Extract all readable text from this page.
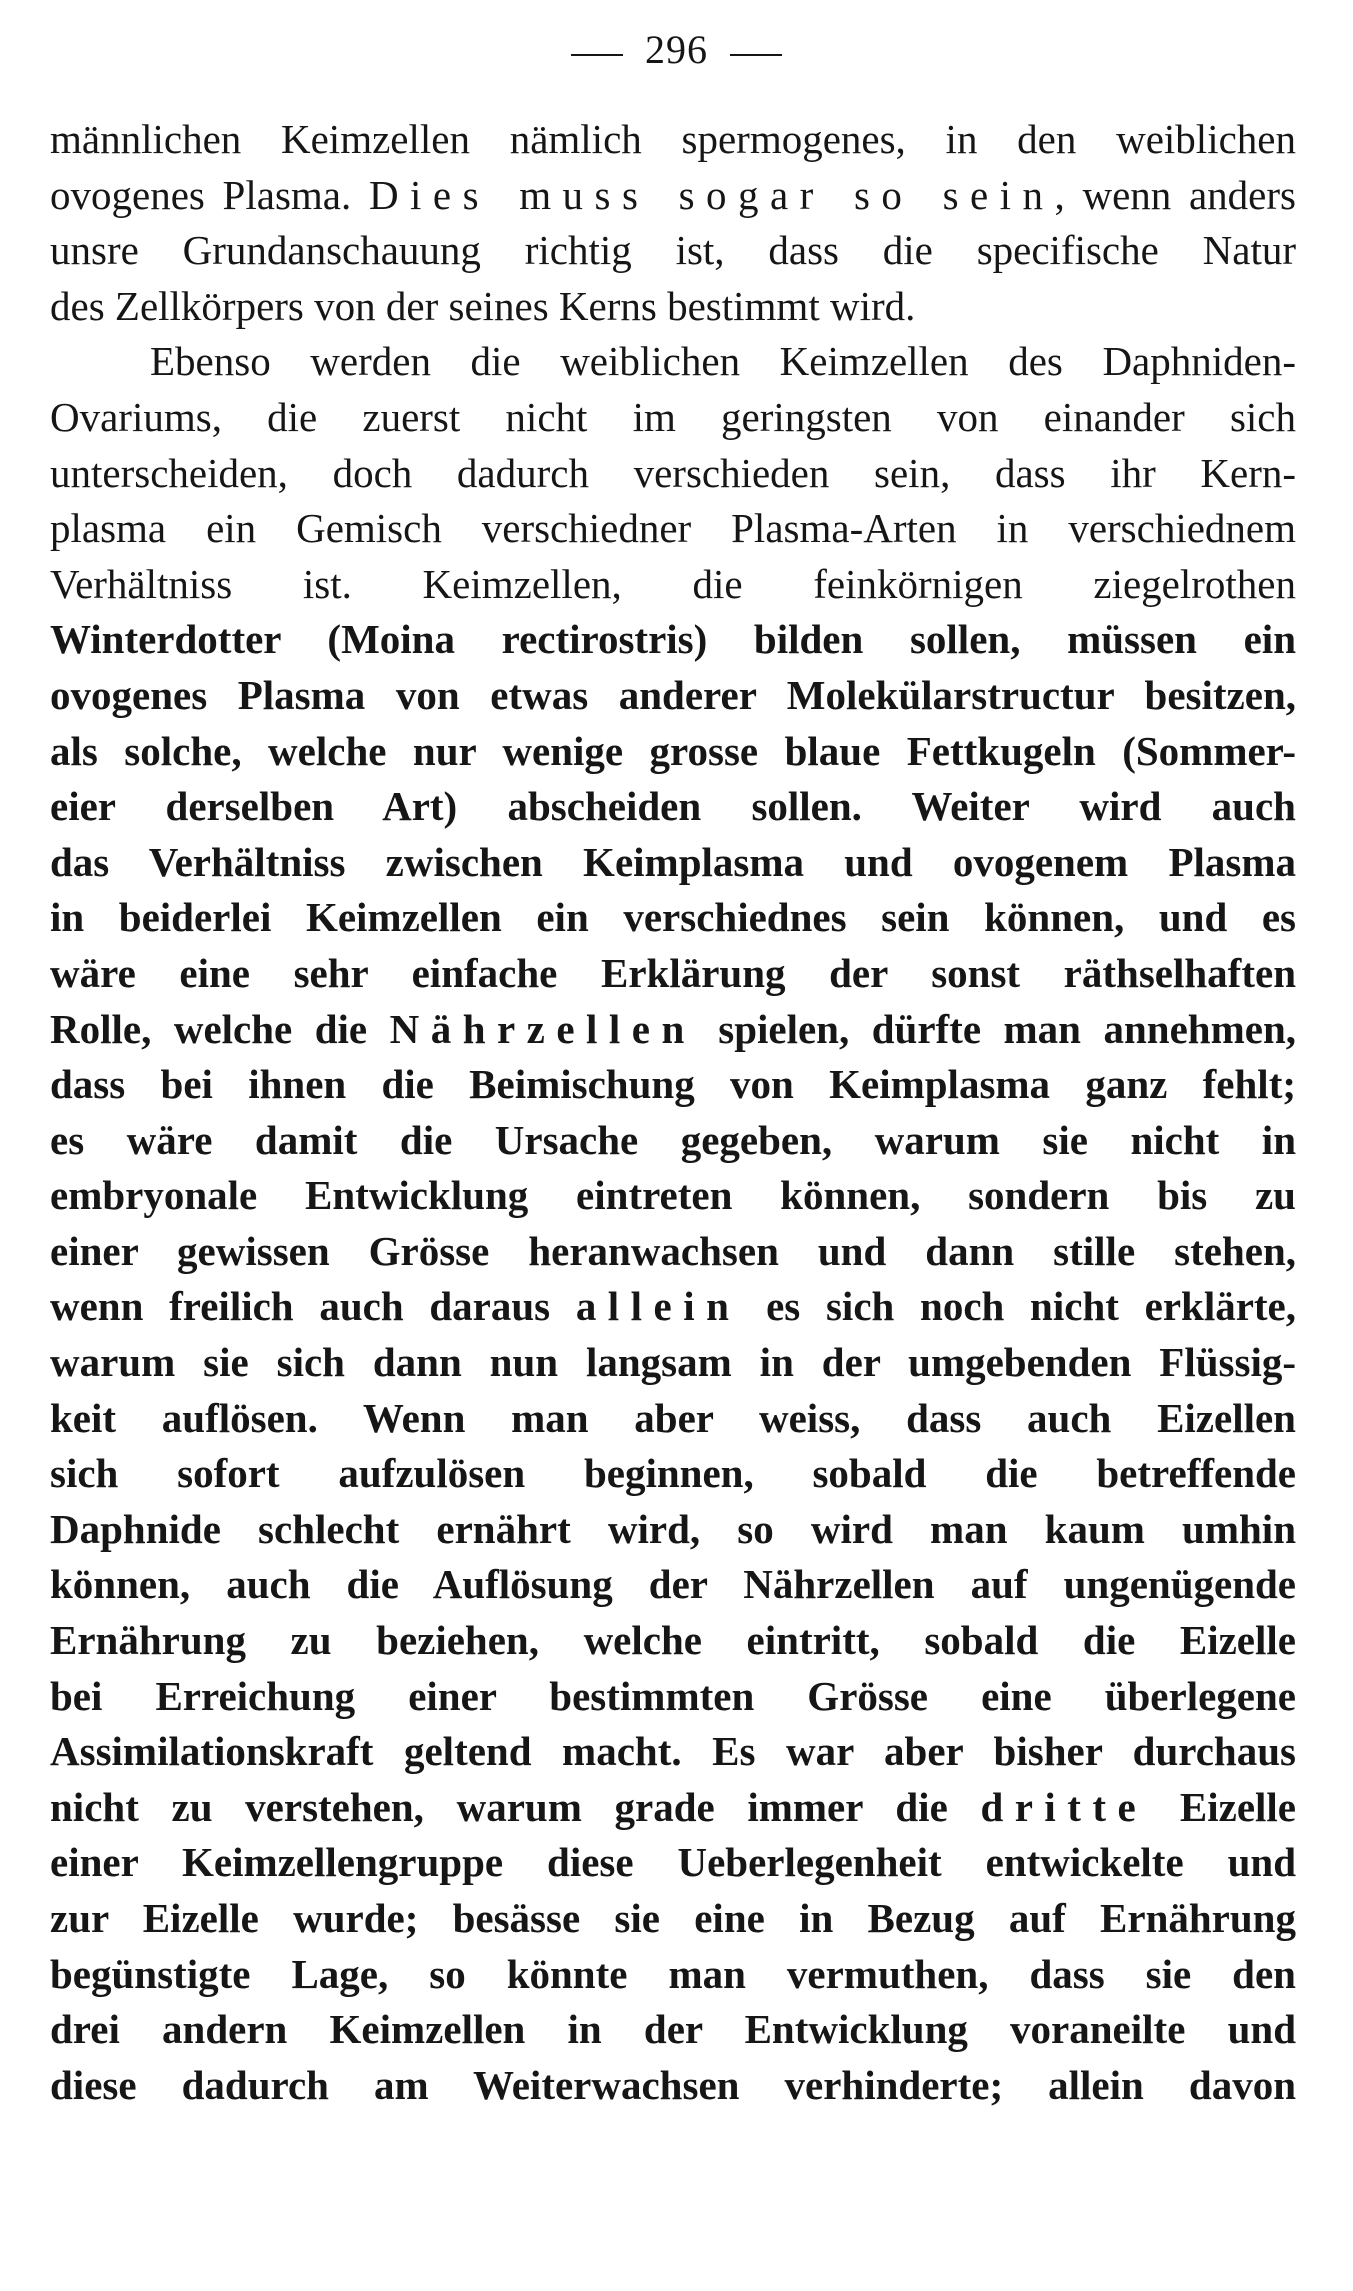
296
männlichen Keimzellen nämlich spermogenes, in den weiblichen
ovogenes Plasma. Dies muss sogar so sein, wenn anders
unsre Grundanschauung richtig ist, dass die specifische Natur
des Zellkörpers von der seines Kerns bestimmt wird.
Ebenso werden die weiblichen Keimzellen des Daphniden-
Ovariums, die zuerst nicht im geringsten von einander sich
unterscheiden, doch dadurch verschieden sein, dass ihr Kern-
plasma ein Gemisch verschiedner Plasma-Arten in verschiednem
Verhältniss ist. Keimzellen, die feinkörnigen ziegelrothen
Winterdotter (Moina rectirostris) bilden sollen, müssen ein
ovogenes Plasma von etwas anderer Molekülarstructur besitzen,
als solche, welche nur wenige grosse blaue Fettkugeln (Sommer-
eier derselben Art) abscheiden sollen. Weiter wird auch
das Verhältniss zwischen Keimplasma und ovogenem Plasma
in beiderlei Keimzellen ein verschiednes sein können, und es
wäre eine sehr einfache Erklärung der sonst räthselhaften
Rolle, welche die Nährzellen spielen, dürfte man annehmen,
dass bei ihnen die Beimischung von Keimplasma ganz fehlt;
es wäre damit die Ursache gegeben, warum sie nicht in
embryonale Entwicklung eintreten können, sondern bis zu
einer gewissen Grösse heranwachsen und dann stille stehen,
wenn freilich auch daraus allein es sich noch nicht erklärte,
warum sie sich dann nun langsam in der umgebenden Flüssig-
keit auflösen. Wenn man aber weiss, dass auch Eizellen
sich sofort aufzulösen beginnen, sobald die betreffende
Daphnide schlecht ernährt wird, so wird man kaum umhin
können, auch die Auflösung der Nährzellen auf ungenügende
Ernährung zu beziehen, welche eintritt, sobald die Eizelle
bei Erreichung einer bestimmten Grösse eine überlegene
Assimilationskraft geltend macht. Es war aber bisher durchaus
nicht zu verstehen, warum grade immer die dritte Eizelle
einer Keimzellengruppe diese Ueberlegenheit entwickelte und
zur Eizelle wurde; besässe sie eine in Bezug auf Ernährung
begünstigte Lage, so könnte man vermuthen, dass sie den
drei andern Keimzellen in der Entwicklung voraneilte und
diese dadurch am Weiterwachsen verhinderte; allein davon
